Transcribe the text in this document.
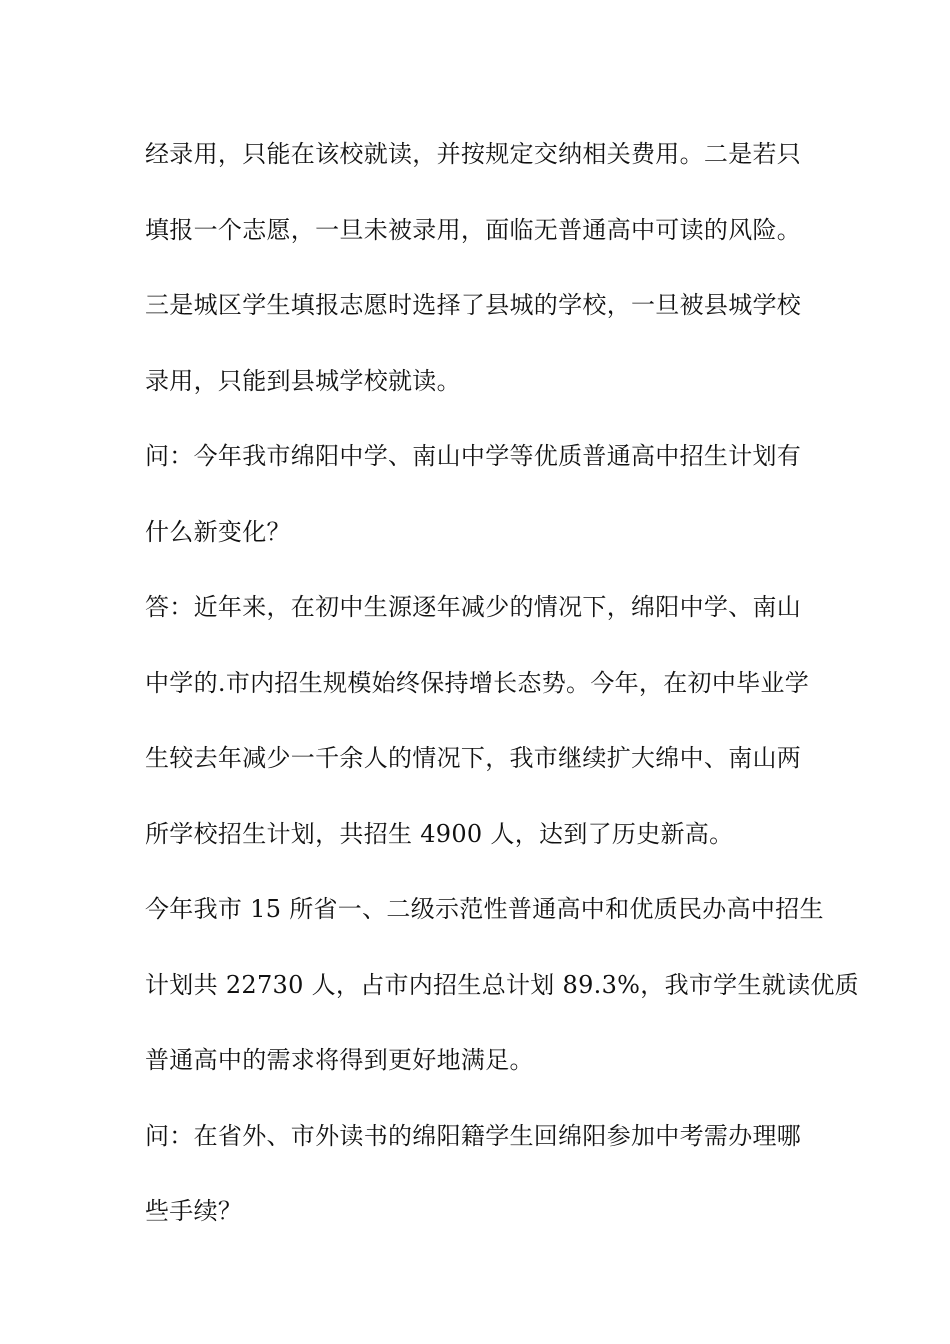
经录用，只能在该校就读，并按规定交纳相关费用。二是若只
填报一个志愿，一旦未被录用，面临无普通高中可读的风险。
三是城区学生填报志愿时选择了县城的学校，一旦被县城学校
录用，只能到县城学校就读。
问：今年我市绵阳中学、南山中学等优质普通高中招生计划有
什么新变化？
答：近年来，在初中生源逐年减少的情况下，绵阳中学、南山
中学的.市内招生规模始终保持增长态势。今年，在初中毕业学
生较去年减少一千余人的情况下，我市继续扩大绵中、南山两
所学校招生计划，共招生 4900 人，达到了历史新高。
今年我市 15 所省一、二级示范性普通高中和优质民办高中招生
计划共 22730 人，占市内招生总计划 89.3%，我市学生就读优质
普通高中的需求将得到更好地满足。
问：在省外、市外读书的绵阳籍学生回绵阳参加中考需办理哪
些手续？
